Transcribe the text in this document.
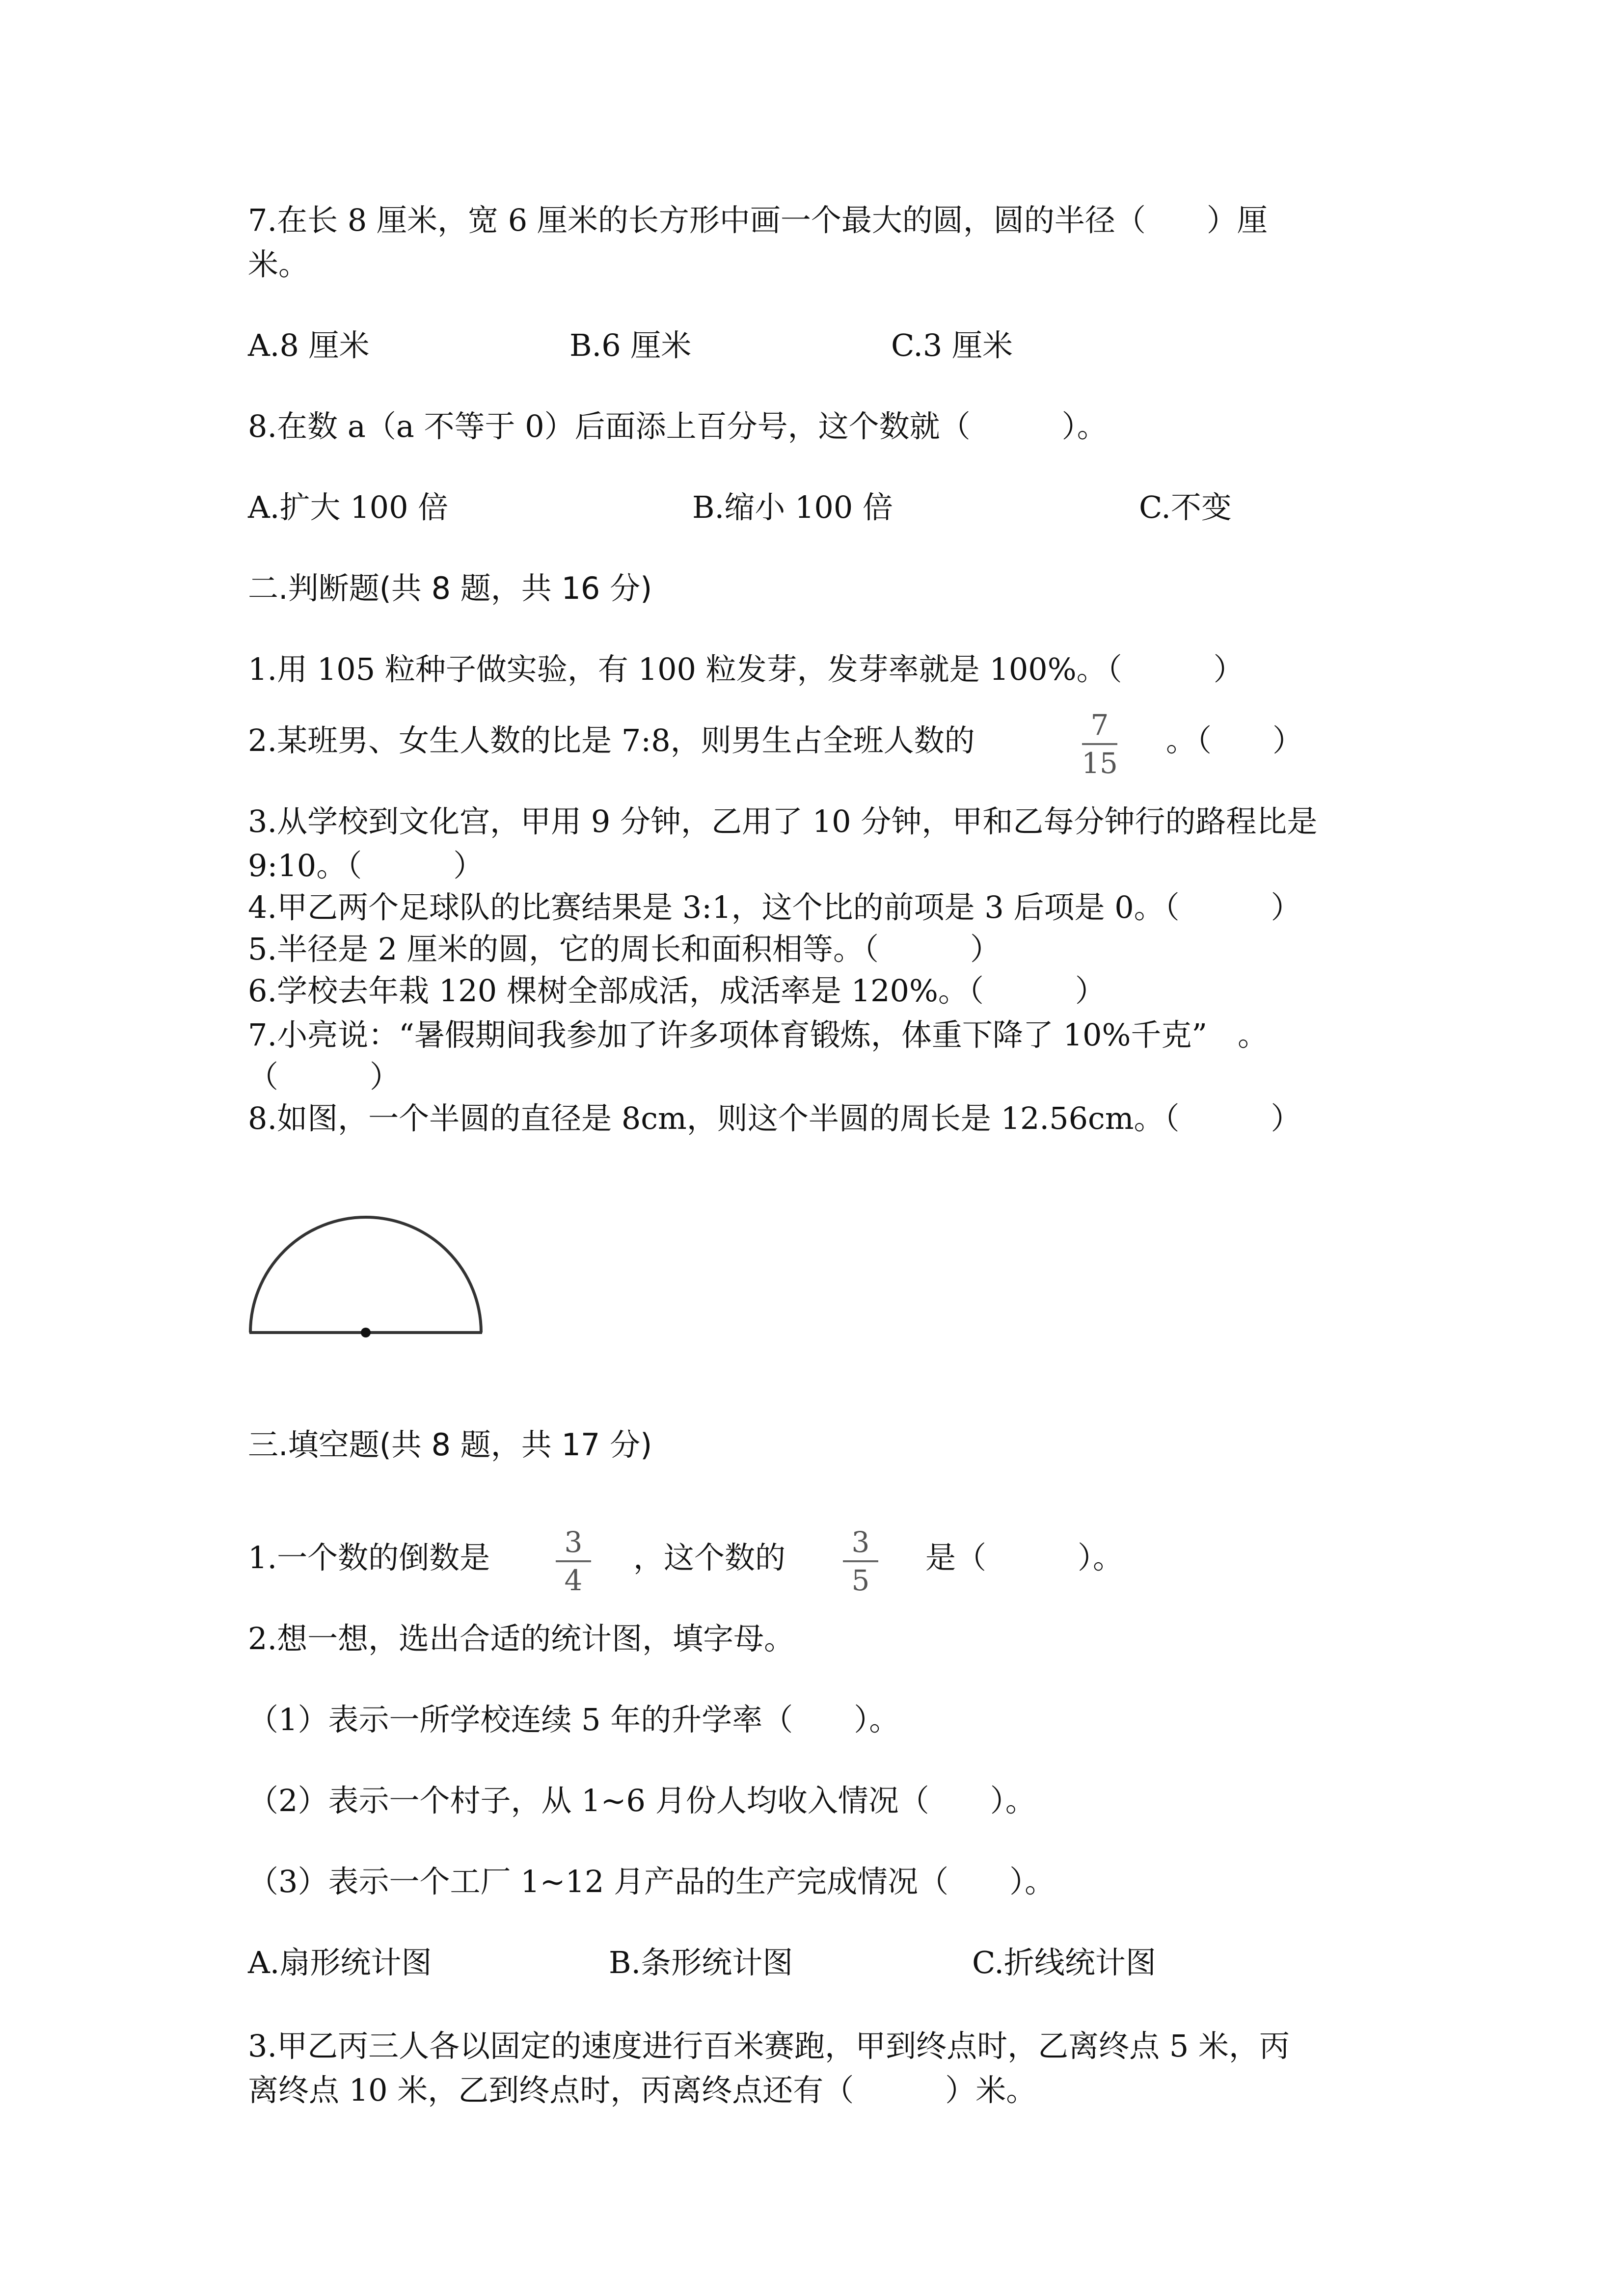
7.在长 8 厘米，宽 6 厘米的长方形中画一个最大的圆，圆的半径（　　）厘
米。
A.8 厘米	B.6 厘米	C.3 厘米
8.在数 a（a 不等于 0）后面添上百分号，这个数就（　　　）。
A.扩大 100 倍	B.缩小 100 倍	C.不变
二.判断题(共 8 题，共 16 分)
1.用 105 粒种子做实验，有 100 粒发芽，发芽率就是 100%。（　　　）
2.某班男、女生人数的比是 7:8，则男生占全班人数的	7
15
。（　　）
3.从学校到文化宫，甲用 9 分钟，乙用了 10 分钟，甲和乙每分钟行的路程比是
9:10。（　　　）
4.甲乙两个足球队的比赛结果是 3:1，这个比的前项是 3 后项是 0。（　　　）
5.半径是 2 厘米的圆，它的周长和面积相等。（　　　）
6.学校去年栽 120 棵树全部成活，成活率是 120%。（　　　）
7.小亮说：“暑假期间我参加了许多项体育锻炼，体重下降了 10%千克”　。
（　　　）
8.如图，一个半圆的直径是 8cm，则这个半圆的周长是 12.56cm。（　　　）
三.填空题(共 8 题，共 17 分)
1.一个数的倒数是	3
4
，这个数的	3
5
是（　　　）。
2.想一想，选出合适的统计图，填字母。
（1）表示一所学校连续 5 年的升学率（　　）。
（2）表示一个村子，从 1~6 月份人均收入情况（　　）。
（3）表示一个工厂 1~12 月产品的生产完成情况（　　）。
A.扇形统计图	B.条形统计图	C.折线统计图
3.甲乙丙三人各以固定的速度进行百米赛跑，甲到终点时，乙离终点 5 米，丙
离终点 10 米，乙到终点时，丙离终点还有（　　　）米。
